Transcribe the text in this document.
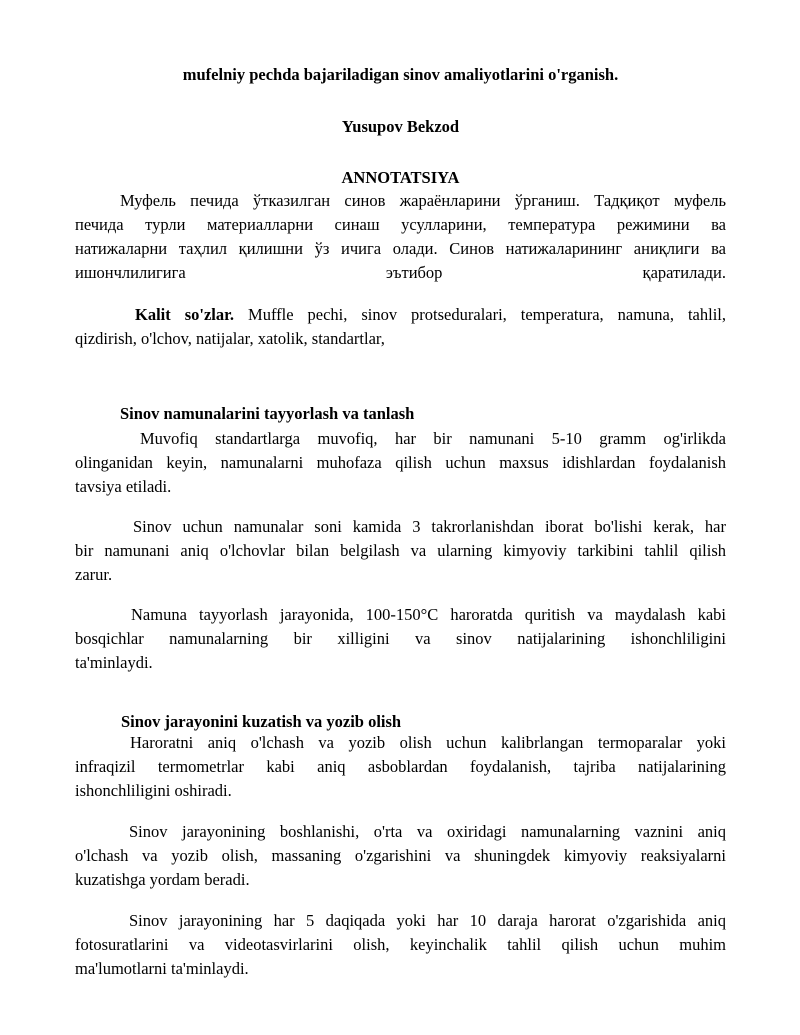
mufelniy pechda bajariladigan sinov amaliyotlarini o'rganish.
Yusupov Bekzod
ANNOTATSIYA
Муфель печида ўтказилган синов жараёнларини ўрганиш. Тадқиқот муфель
печида турли материалларни синаш усулларини, температура режимини ва
натижаларни таҳлил қилишни ўз ичига олади. Синов натижаларининг аниқлиги ва
ишончлилигига эътибор қаратилади.
Kalit so'zlar. Muffle pechi, sinov protseduralari, temperatura, namuna, tahlil,
qizdirish, o'lchov, natijalar, xatolik, standartlar,
Sinov namunalarini tayyorlash va tanlash
Muvofiq standartlarga muvofiq, har bir namunani 5-10 gramm og'irlikda
olinganidan keyin, namunalarni muhofaza qilish uchun maxsus idishlardan foydalanish
tavsiya etiladi.
Sinov uchun namunalar soni kamida 3 takrorlanishdan iborat bo'lishi kerak, har
bir namunani aniq o'lchovlar bilan belgilash va ularning kimyoviy tarkibini tahlil qilish
zarur.
Namuna tayyorlash jarayonida, 100-150°C haroratda quritish va maydalash kabi
bosqichlar namunalarning bir xilligini va sinov natijalarining ishonchliligini
ta'minlaydi.
Sinov jarayonini kuzatish va yozib olish
Haroratni aniq o'lchash va yozib olish uchun kalibrlangan termoparalar yoki
infraqizil termometrlar kabi aniq asboblardan foydalanish, tajriba natijalarining
ishonchliligini oshiradi.
Sinov jarayonining boshlanishi, o'rta va oxiridagi namunalarning vaznini aniq
o'lchash va yozib olish, massaning o'zgarishini va shuningdek kimyoviy reaksiyalarni
kuzatishga yordam beradi.
Sinov jarayonining har 5 daqiqada yoki har 10 daraja harorat o'zgarishida aniq
fotosuratlarini va videotasvirlarini olish, keyinchalik tahlil qilish uchun muhim
ma'lumotlarni ta'minlaydi.
